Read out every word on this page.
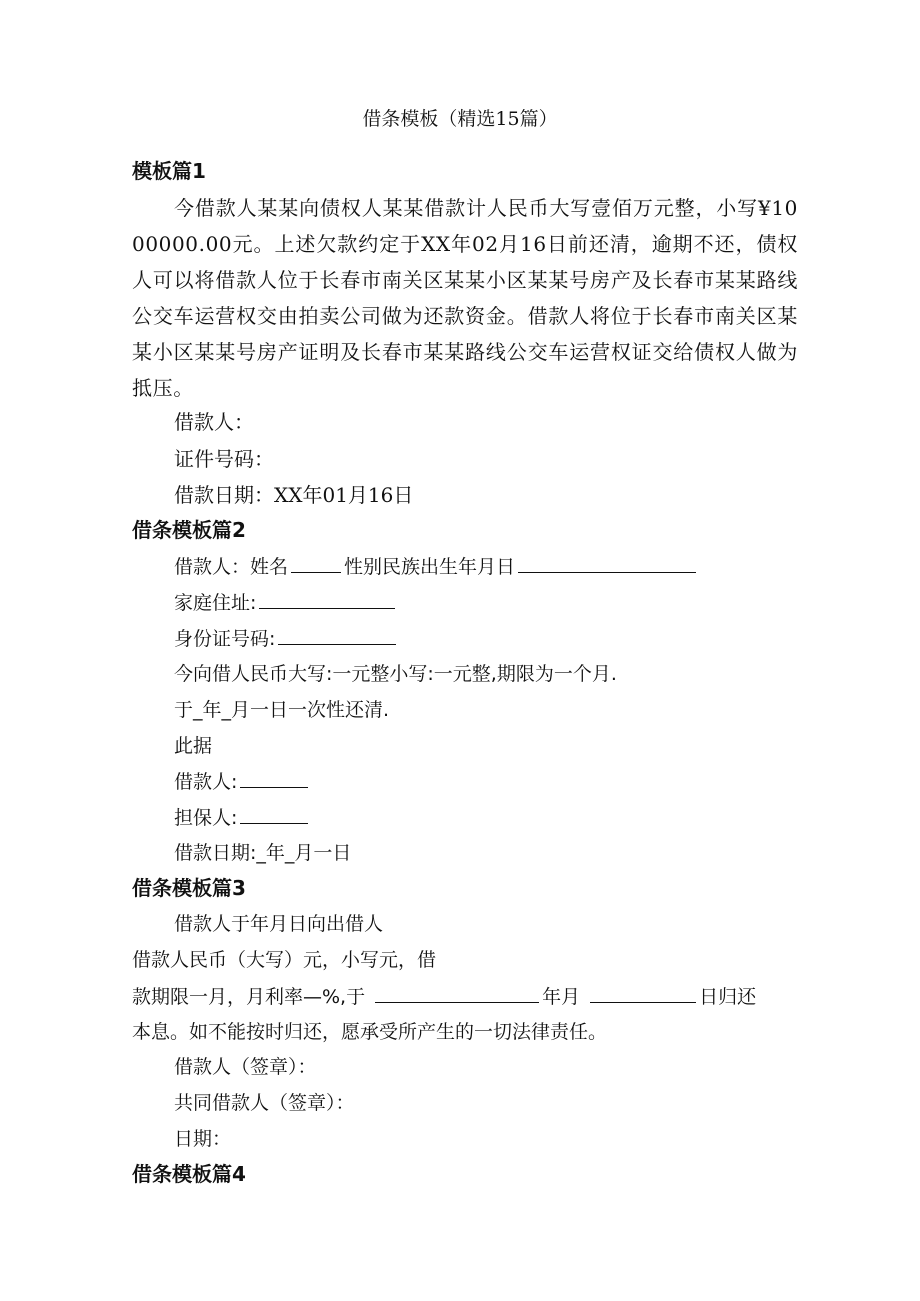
借条模板（精选15篇）
模板篇1
今借款人某某向债权人某某借款计人民币大写壹佰万元整，小写¥1000000.00元。上述欠款约定于XX年02月16日前还清，逾期不还，债权人可以将借款人位于长春市南关区某某小区某某号房产及长春市某某路线公交车运营权交由拍卖公司做为还款资金。借款人将位于长春市南关区某某小区某某号房产证明及长春市某某路线公交车运营权证交给债权人做为抵压。
借款人：
证件号码：
借款日期：XX年01月16日
借条模板篇2
借款人：姓名	性别民族出生年月日
家庭住址:
身份证号码:
今向借人民币大写:一元整小写:一元整,期限为一个月.
于_年_月一日一次性还清.
此据
借款人:
担保人:
借款日期:_年_月一日
借条模板篇3
借款人于年月日向出借人
借款人民币（大写）元，小写元，借
款期限一月，月利率—%,于	年月	日归还
本息。如不能按时归还，愿承受所产生的一切法律责任。
借款人（签章）：
共同借款人（签章）：
日期：
借条模板篇4
